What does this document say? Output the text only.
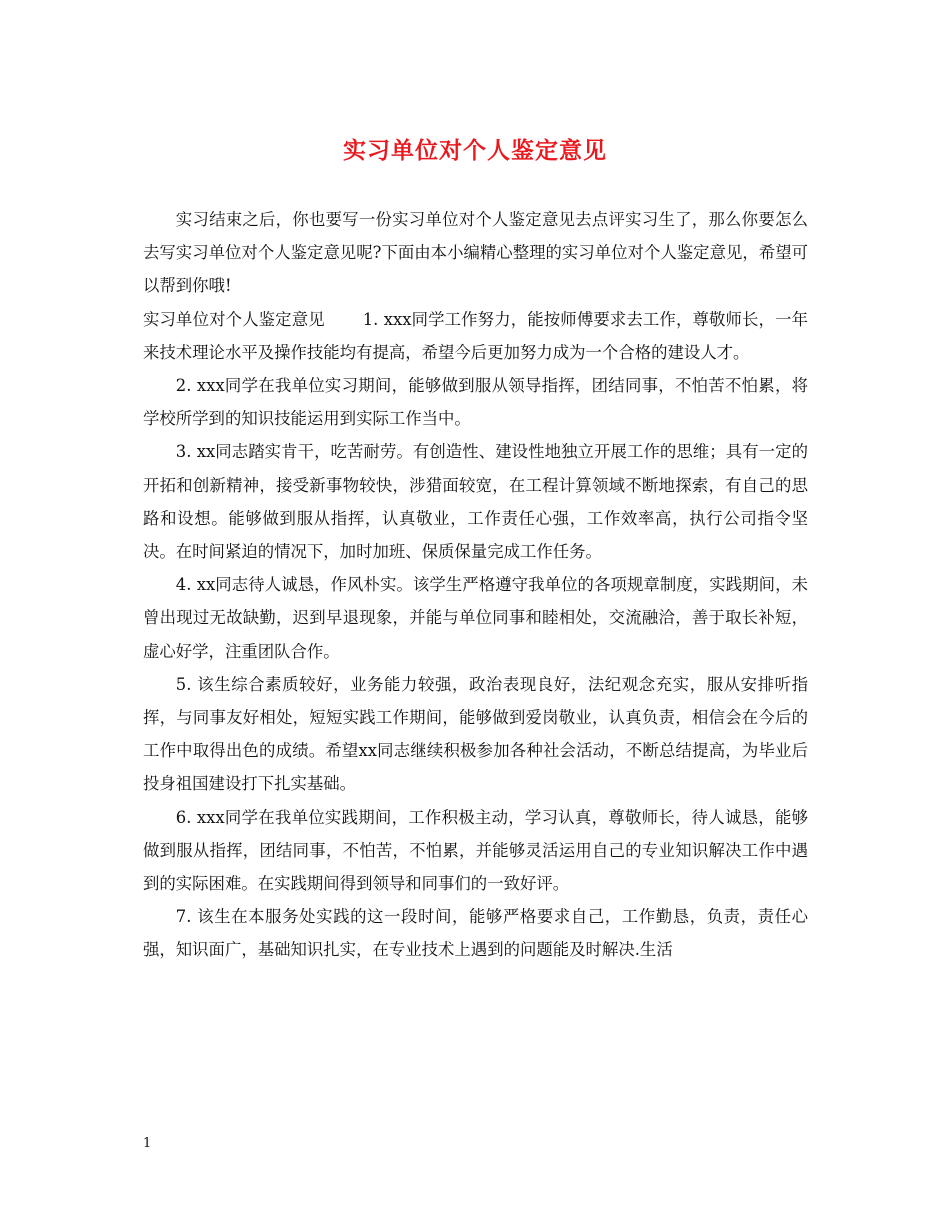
实习单位对个人鉴定意见

实习结束之后，你也要写一份实习单位对个人鉴定意见去点评实习生了，那么你要怎么去写实习单位对个人鉴定意见呢?下面由本小编精心整理的实习单位对个人鉴定意见，希望可以帮到你哦!

实习单位对个人鉴定意见 1. xxx同学工作努力，能按师傅要求去工作，尊敬师长，一年来技术理论水平及操作技能均有提高，希望今后更加努力成为一个合格的建设人才。

2. xxx同学在我单位实习期间，能够做到服从领导指挥，团结同事，不怕苦不怕累，将学校所学到的知识技能运用到实际工作当中。

3. xx同志踏实肯干，吃苦耐劳。有创造性、建设性地独立开展工作的思维；具有一定的开拓和创新精神，接受新事物较快，涉猎面较宽，在工程计算领域不断地探索，有自己的思路和设想。能够做到服从指挥，认真敬业，工作责任心强，工作效率高，执行公司指令坚决。在时间紧迫的情况下，加时加班、保质保量完成工作任务。

4. xx同志待人诚恳，作风朴实。该学生严格遵守我单位的各项规章制度，实践期间，未曾出现过无故缺勤，迟到早退现象，并能与单位同事和睦相处，交流融洽，善于取长补短，虚心好学，注重团队合作。

5. 该生综合素质较好，业务能力较强，政治表现良好，法纪观念充实，服从安排听指挥，与同事友好相处，短短实践工作期间，能够做到爱岗敬业，认真负责，相信会在今后的工作中取得出色的成绩。希望xx同志继续积极参加各种社会活动，不断总结提高，为毕业后投身祖国建设打下扎实基础。

6. xxx同学在我单位实践期间，工作积极主动，学习认真，尊敬师长，待人诚恳，能够做到服从指挥，团结同事，不怕苦，不怕累，并能够灵活运用自己的专业知识解决工作中遇到的实际困难。在实践期间得到领导和同事们的一致好评。

7. 该生在本服务处实践的这一段时间，能够严格要求自己，工作勤恳，负责，责任心强，知识面广，基础知识扎实，在专业技术上遇到的问题能及时解决.生活

1
